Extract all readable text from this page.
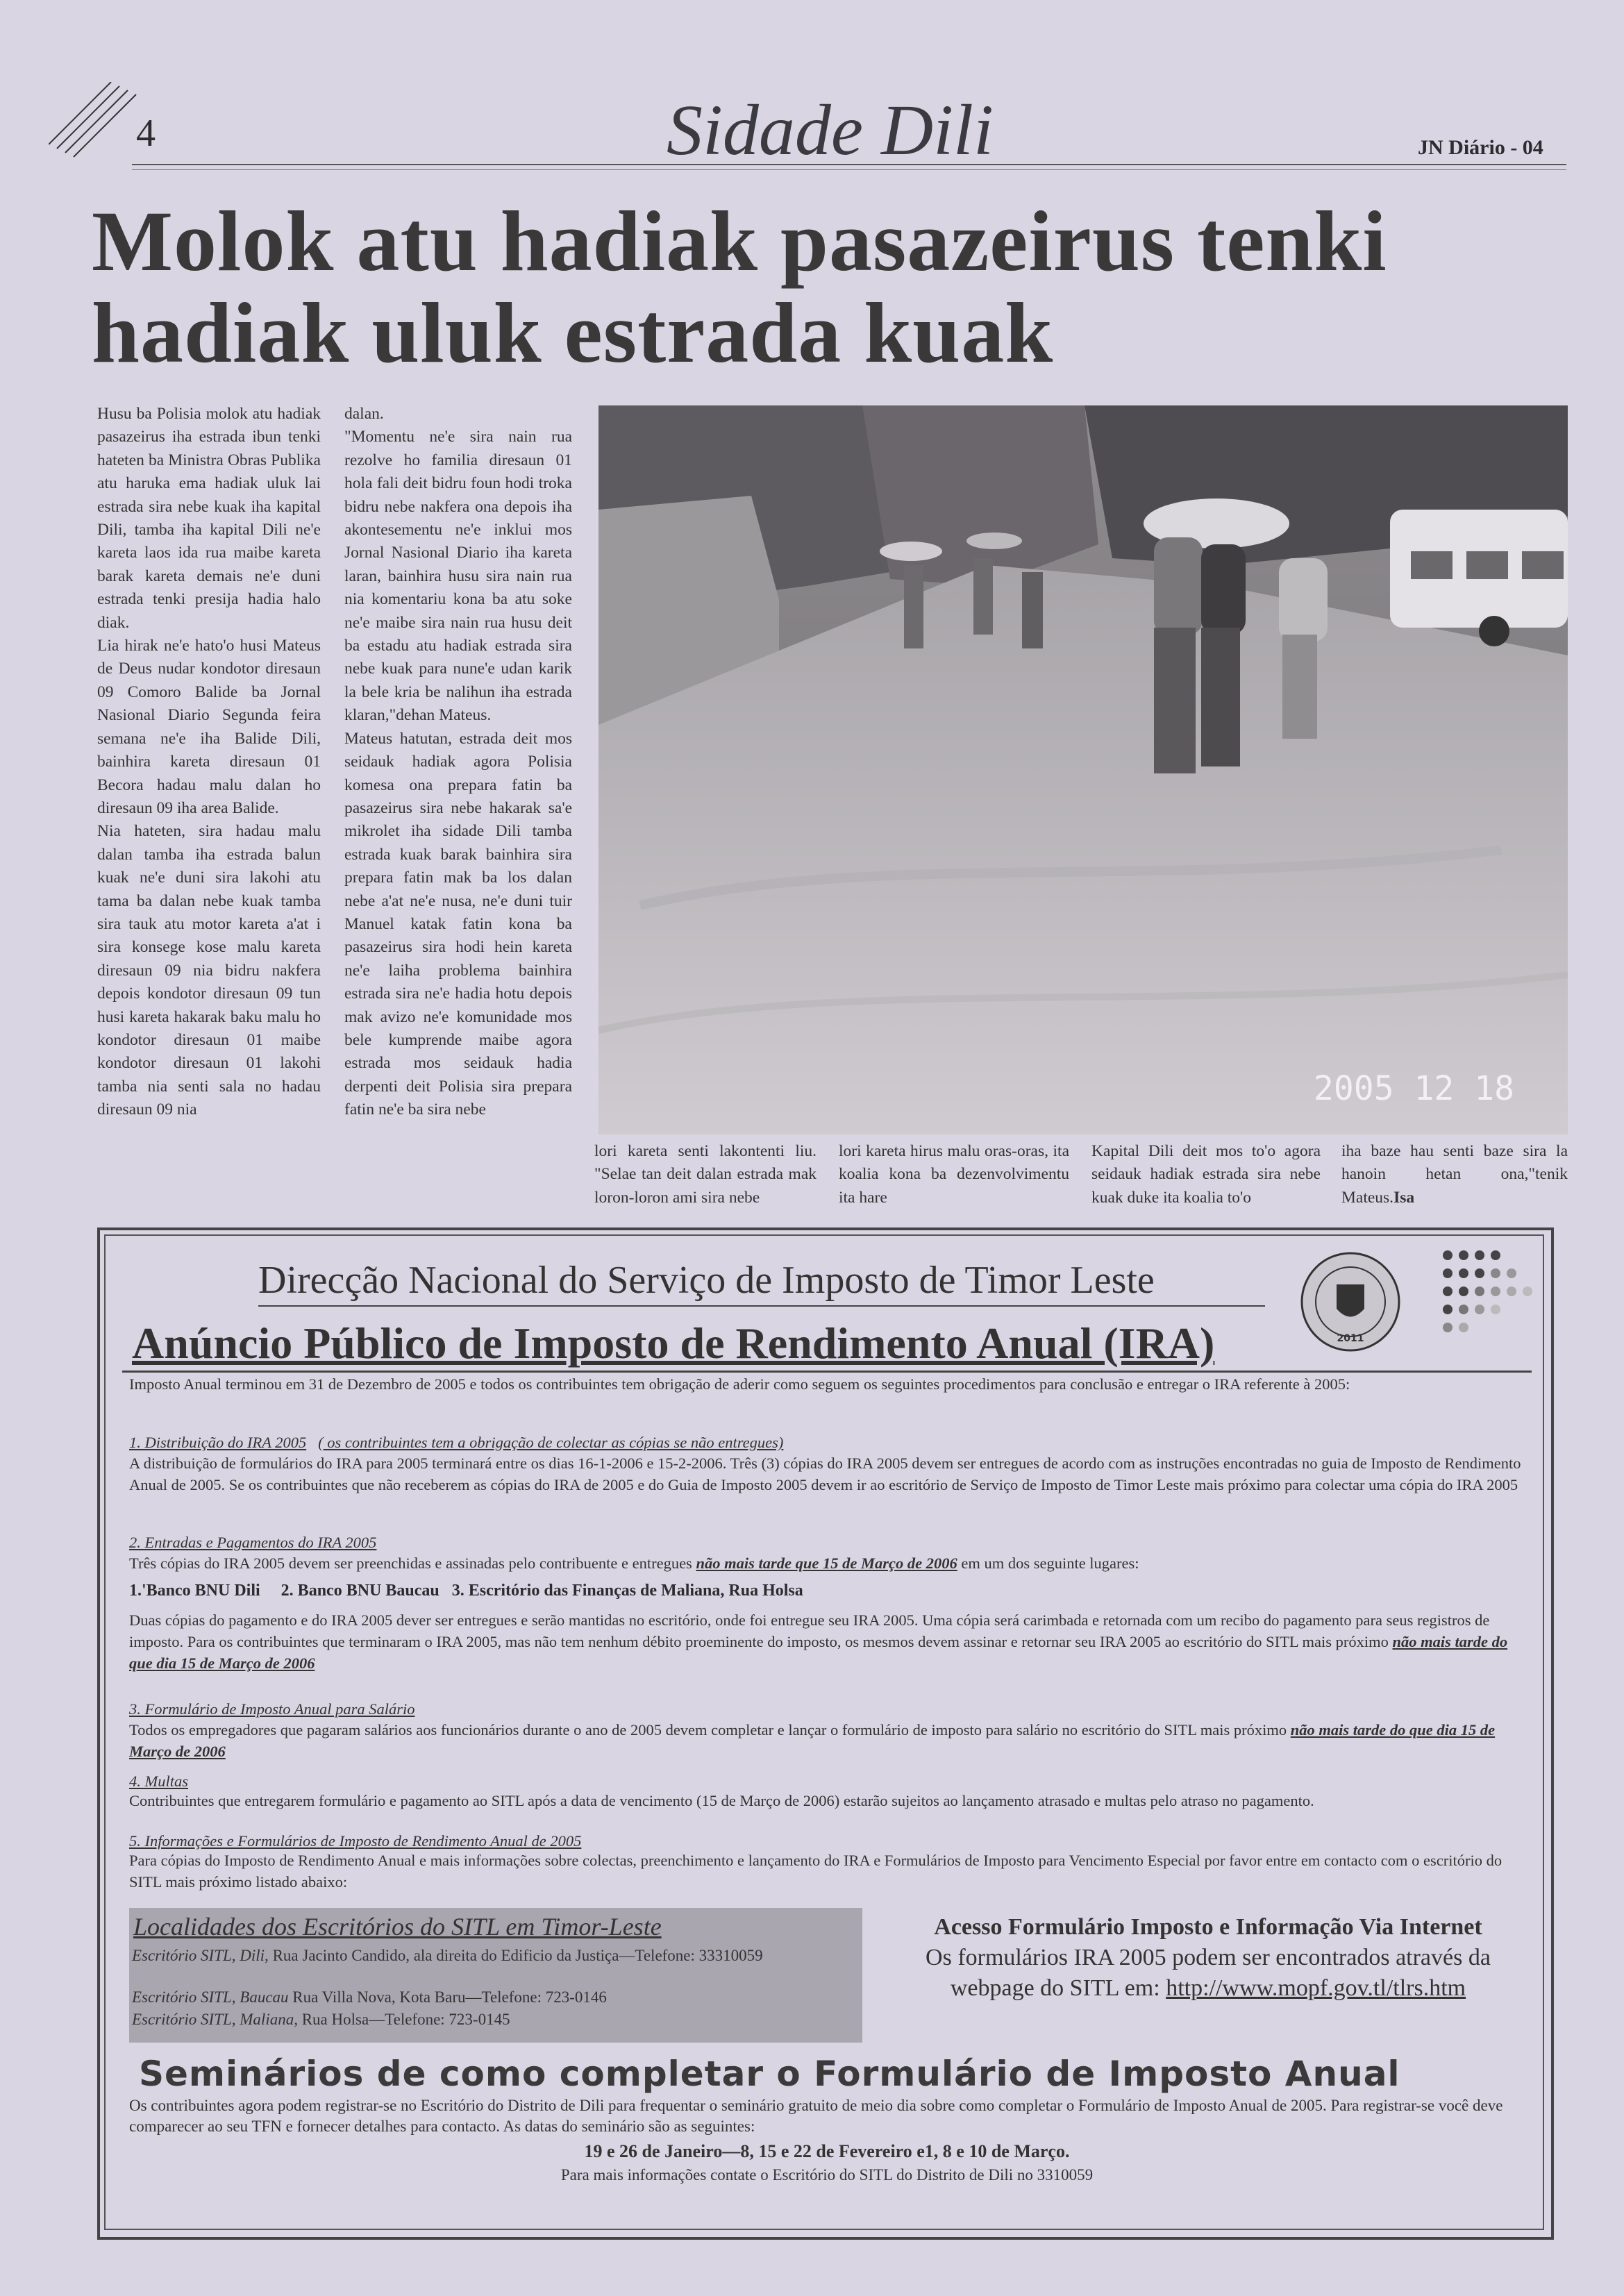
4	Sidade Dili	JN Diário - 04
Molok atu hadiak pasazeirus tenki hadiak uluk estrada kuak

Husu ba Polisia molok atu hadiak pasazeirus iha estrada ibun tenki hateten ba Ministra Obras Publika atu haruka ema hadiak uluk lai estrada sira nebe kuak iha kapital Dili, tamba iha kapital Dili ne'e kareta laos ida rua maibe kareta barak kareta demais ne'e duni estrada tenki presija hadia halo diak.

Lia hirak ne'e hato'o husi Mateus de Deus nudar kondotor diresaun 09 Comoro Balide ba Jornal Nasional Diario Segunda feira semana ne'e iha Balide Dili, bainhira kareta diresaun 01 Becora hadau malu dalan ho diresaun 09 iha area Balide.

Nia hateten, sira hadau malu dalan tamba iha estrada balun kuak ne'e duni sira lakohi atu tama ba dalan nebe kuak tamba sira tauk atu motor kareta a'at i sira konsege kose malu kareta diresaun 09 nia bidru nakfera depois kondotor diresaun 09 tun husi kareta hakarak baku malu ho kondotor diresaun 01 maibe kondotor diresaun 01 lakohi tamba nia senti sala no hadau diresaun 09 nia

dalan.

"Momentu ne'e sira nain rua rezolve ho familia diresaun 01 hola fali deit bidru foun hodi troka bidru nebe nakfera ona depois iha akontesementu ne'e inklui mos Jornal Nasional Diario iha kareta laran, bainhira husu sira nain rua nia komentariu kona ba atu soke ne'e maibe sira nain rua husu deit ba estadu atu hadiak estrada sira nebe kuak para nune'e udan karik la bele kria be nalihun iha estrada klaran,"dehan Mateus.

Mateus hatutan, estrada deit mos seidauk hadiak agora Polisia komesa ona prepara fatin ba pasazeirus sira nebe hakarak sa'e mikrolet iha sidade Dili tamba estrada kuak barak bainhira sira prepara fatin mak ba los dalan nebe a'at ne'e nusa, ne'e duni tuir Manuel katak fatin kona ba pasazeirus sira hodi hein kareta ne'e laiha problema bainhira estrada sira ne'e hadia hotu depois mak avizo ne'e komunidade mos bele kumprende maibe agora estrada mos seidauk hadia derpenti deit Polisia sira prepara fatin ne'e ba sira nebe

2005 12 18
lori kareta senti lakontenti liu. "Selae tan deit dalan estrada mak loron-loron ami sira nebe
lori kareta hirus malu oras-oras, ita koalia kona ba dezenvolvimentu ita hare
Kapital Dili deit mos to'o agora seidauk hadiak estrada sira nebe kuak duke ita koalia to'o
iha baze hau senti baze sira la hanoin hetan ona,"tenik Mateus.Isa
Direcção Nacional do Serviço de Imposto de Timor Leste
Anúncio Público de Imposto de Rendimento Anual (IRA)	2011
Imposto Anual terminou em 31 de Dezembro de 2005 e todos os contribuintes tem obrigação de aderir como seguem os seguintes procedimentos para conclusão e entregar o IRA referente à 2005:
1. Distribuição do IRA 2005 ( os contribuintes tem a obrigação de colectar as cópias se não entregues)
A distribuição de formulários do IRA para 2005 terminará entre os dias 16-1-2006 e 15-2-2006. Três (3) cópias do IRA 2005 devem ser entregues de acordo com as instruções encontradas no guia de Imposto de Rendimento Anual de 2005. Se os contribuintes que não receberem as cópias do IRA de 2005 e do Guia de Imposto 2005 devem ir ao escritório de Serviço de Imposto de Timor Leste mais próximo para colectar uma cópia do IRA 2005
2. Entradas e Pagamentos do IRA 2005
Três cópias do IRA 2005 devem ser preenchidas e assinadas pelo contribuente e entregues não mais tarde que 15 de Março de 2006 em um dos seguinte lugares:
1.'Banco BNU Dili     2. Banco BNU Baucau   3. Escritório das Finanças de Maliana, Rua Holsa
Duas cópias do pagamento e do IRA 2005 dever ser entregues e serão mantidas no escritório, onde foi entregue seu IRA 2005. Uma cópia será carimbada e retornada com um recibo do pagamento para seus registros de imposto. Para os contribuintes que terminaram o IRA 2005, mas não tem nenhum débito proeminente do imposto, os mesmos devem assinar e retornar seu IRA 2005 ao escritório do SITL mais próximo não mais tarde do que dia 15 de Março de 2006
3. Formulário de Imposto Anual para Salário
Todos os empregadores que pagaram salários aos funcionários durante o ano de 2005 devem completar e lançar o formulário de imposto para salário no escritório do SITL mais próximo não mais tarde do que dia 15 de Março de 2006
4. Multas
Contribuintes que entregarem formulário e pagamento ao SITL após a data de vencimento (15 de Março de 2006) estarão sujeitos ao lançamento atrasado e multas pelo atraso no pagamento.
5. Informações e Formulários de Imposto de Rendimento Anual de 2005
Para cópias do Imposto de Rendimento Anual e mais informações sobre colectas, preenchimento e lançamento do IRA e Formulários de Imposto para Vencimento Especial por favor entre em contacto com o escritório do SITL mais próximo listado abaixo:
Localidades dos Escritórios do SITL em Timor-Leste
Escritório SITL, Dili, Rua Jacinto Candido, ala direita do Edificio da Justiça—Telefone: 33310059
Escritório SITL, Baucau Rua Villa Nova, Kota Baru—Telefone: 723-0146
Escritório SITL, Maliana, Rua Holsa—Telefone: 723-0145
Acesso Formulário Imposto e Informação Via Internet
Os formulários IRA 2005 podem ser encontrados através da webpage do SITL em: http://www.mopf.gov.tl/tlrs.htm
Seminários de como completar o Formulário de Imposto Anual
Os contribuintes agora podem registrar-se no Escritório do Distrito de Dili para frequentar o seminário gratuito de meio dia sobre como completar o Formulário de Imposto Anual de 2005. Para registrar-se você deve comparecer ao seu TFN e fornecer detalhes para contacto. As datas do seminário são as seguintes:
19 e 26 de Janeiro—8, 15 e 22 de Fevereiro e1, 8 e 10 de Março.
Para mais informações contate o Escritório do SITL do Distrito de Dili no 3310059
